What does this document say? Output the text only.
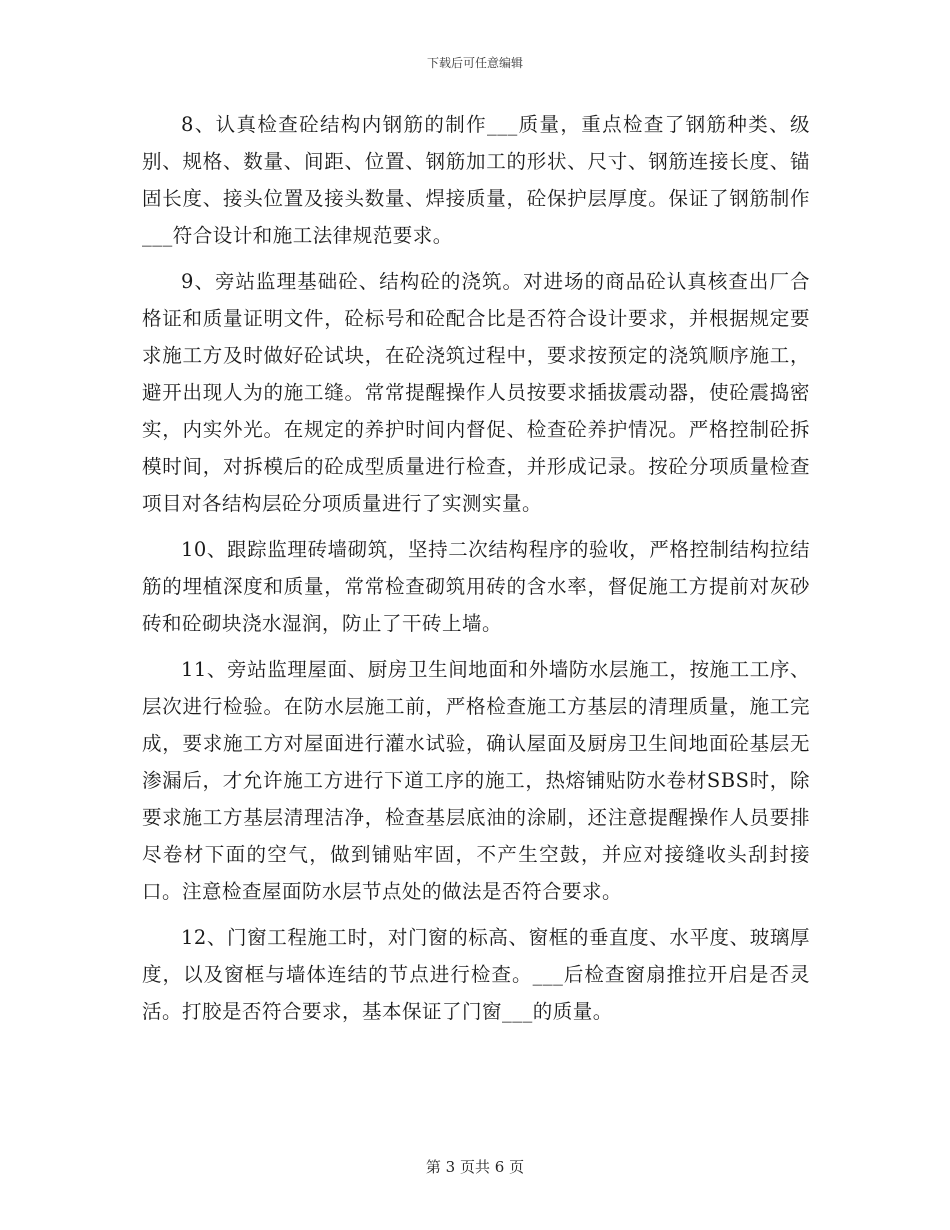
下载后可任意编辑

8、认真检查砼结构内钢筋的制作___质量，重点检查了钢筋种类、级别、规格、数量、间距、位置、钢筋加工的形状、尺寸、钢筋连接长度、锚固长度、接头位置及接头数量、焊接质量，砼保护层厚度。保证了钢筋制作___符合设计和施工法律规范要求。

9、旁站监理基础砼、结构砼的浇筑。对进场的商品砼认真核查出厂合格证和质量证明文件，砼标号和砼配合比是否符合设计要求，并根据规定要求施工方及时做好砼试块，在砼浇筑过程中，要求按预定的浇筑顺序施工，避开出现人为的施工缝。常常提醒操作人员按要求插拔震动器，使砼震捣密实，内实外光。在规定的养护时间内督促、检查砼养护情况。严格控制砼拆模时间，对拆模后的砼成型质量进行检查，并形成记录。按砼分项质量检查项目对各结构层砼分项质量进行了实测实量。

10、跟踪监理砖墙砌筑，坚持二次结构程序的验收，严格控制结构拉结筋的埋植深度和质量，常常检查砌筑用砖的含水率，督促施工方提前对灰砂砖和砼砌块浇水湿润，防止了干砖上墙。

11、旁站监理屋面、厨房卫生间地面和外墙防水层施工，按施工工序、层次进行检验。在防水层施工前，严格检查施工方基层的清理质量，施工完成，要求施工方对屋面进行灌水试验，确认屋面及厨房卫生间地面砼基层无渗漏后，才允许施工方进行下道工序的施工，热熔铺贴防水卷材SBS时，除要求施工方基层清理洁净，检查基层底油的涂刷，还注意提醒操作人员要排尽卷材下面的空气，做到铺贴牢固，不产生空鼓，并应对接缝收头刮封接口。注意检查屋面防水层节点处的做法是否符合要求。

12、门窗工程施工时，对门窗的标高、窗框的垂直度、水平度、玻璃厚度，以及窗框与墙体连结的节点进行检查。___后检查窗扇推拉开启是否灵活。打胶是否符合要求，基本保证了门窗___的质量。

第 3 页共 6 页
